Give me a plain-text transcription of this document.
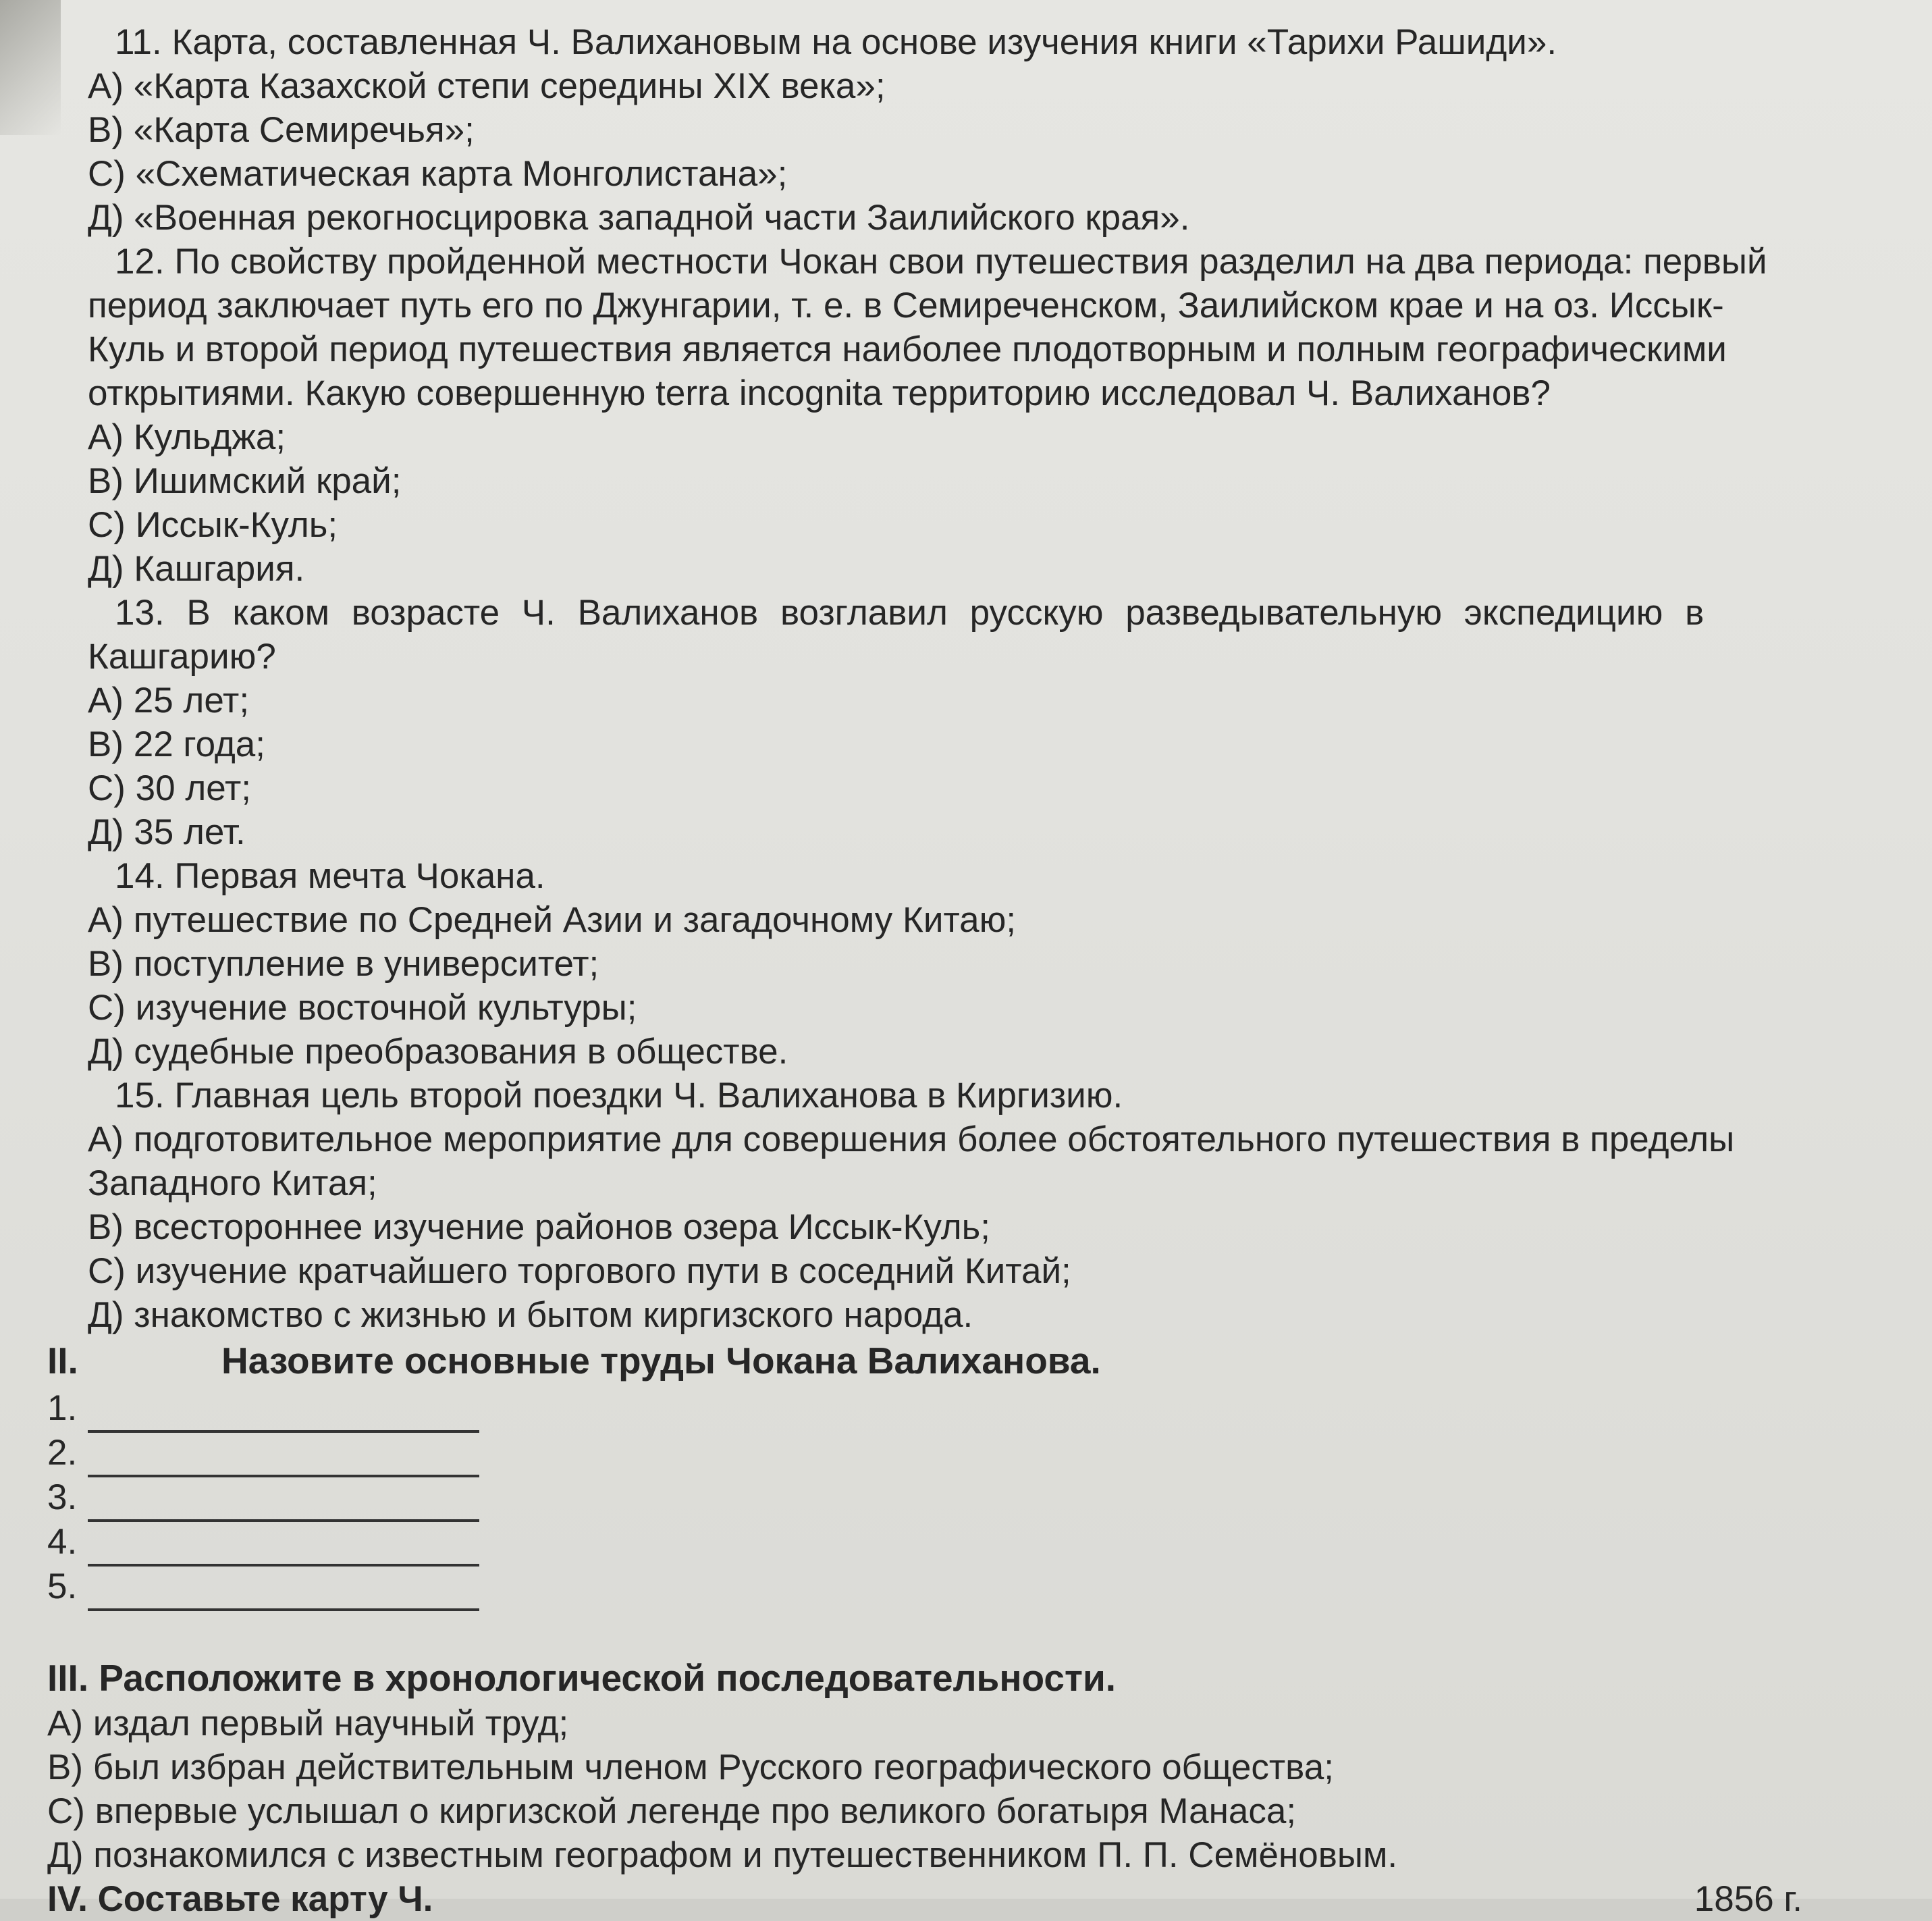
11. Карта, составленная Ч. Валихановым на основе изучения книги «Тарихи Рашиди».

А) «Карта Казахской степи середины XIX века»;

В) «Карта Семиречья»;

С) «Схематическая карта Монголистана»;

Д) «Военная рекогносцировка западной части Заилийского края».

12. По свойству пройденной местности Чокан свои путешествия разделил на два периода: первый

период заключает путь его по Джунгарии, т. е. в Семиреченском, Заилийском крае и на оз. Иссык-

Куль и второй период путешествия является наиболее плодотворным и полным географическими

открытиями. Какую совершенную terra incognita территорию исследовал Ч. Валиханов?

А) Кульджа;

В) Ишимский край;

С) Иссык-Куль;

Д) Кашгария.

13. В каком возрасте Ч. Валиханов возглавил русскую разведывательную экспедицию в

Кашгарию?

А) 25 лет;

В) 22 года;

С) 30 лет;

Д) 35 лет.

14. Первая мечта Чокана.

А) путешествие по Средней Азии и загадочному Китаю;

В) поступление в университет;

С) изучение восточной культуры;

Д) судебные преобразования в обществе.

15. Главная цель второй поездки Ч. Валиханова в Киргизию.

А) подготовительное мероприятие для совершения более обстоятельного путешествия в пределы

Западного Китая;

В) всестороннее изучение районов озера Иссык-Куль;

С) изучение кратчайшего торгового пути в соседний Китай;

Д) знакомство с жизнью и бытом киргизского народа.

II.	Назовите основные труды Чокана Валиханова.

1.
2.
3.
4.
5.

III. Расположите в хронологической последовательности.

А) издал первый научный труд;

В) был избран действительным членом Русского географического общества;

С) впервые услышал о киргизской легенде про великого богатыря Манаса;

Д) познакомился с известным географом и путешественником П. П. Семёновым.

IV. Составьте карту Ч.	1856 г.
